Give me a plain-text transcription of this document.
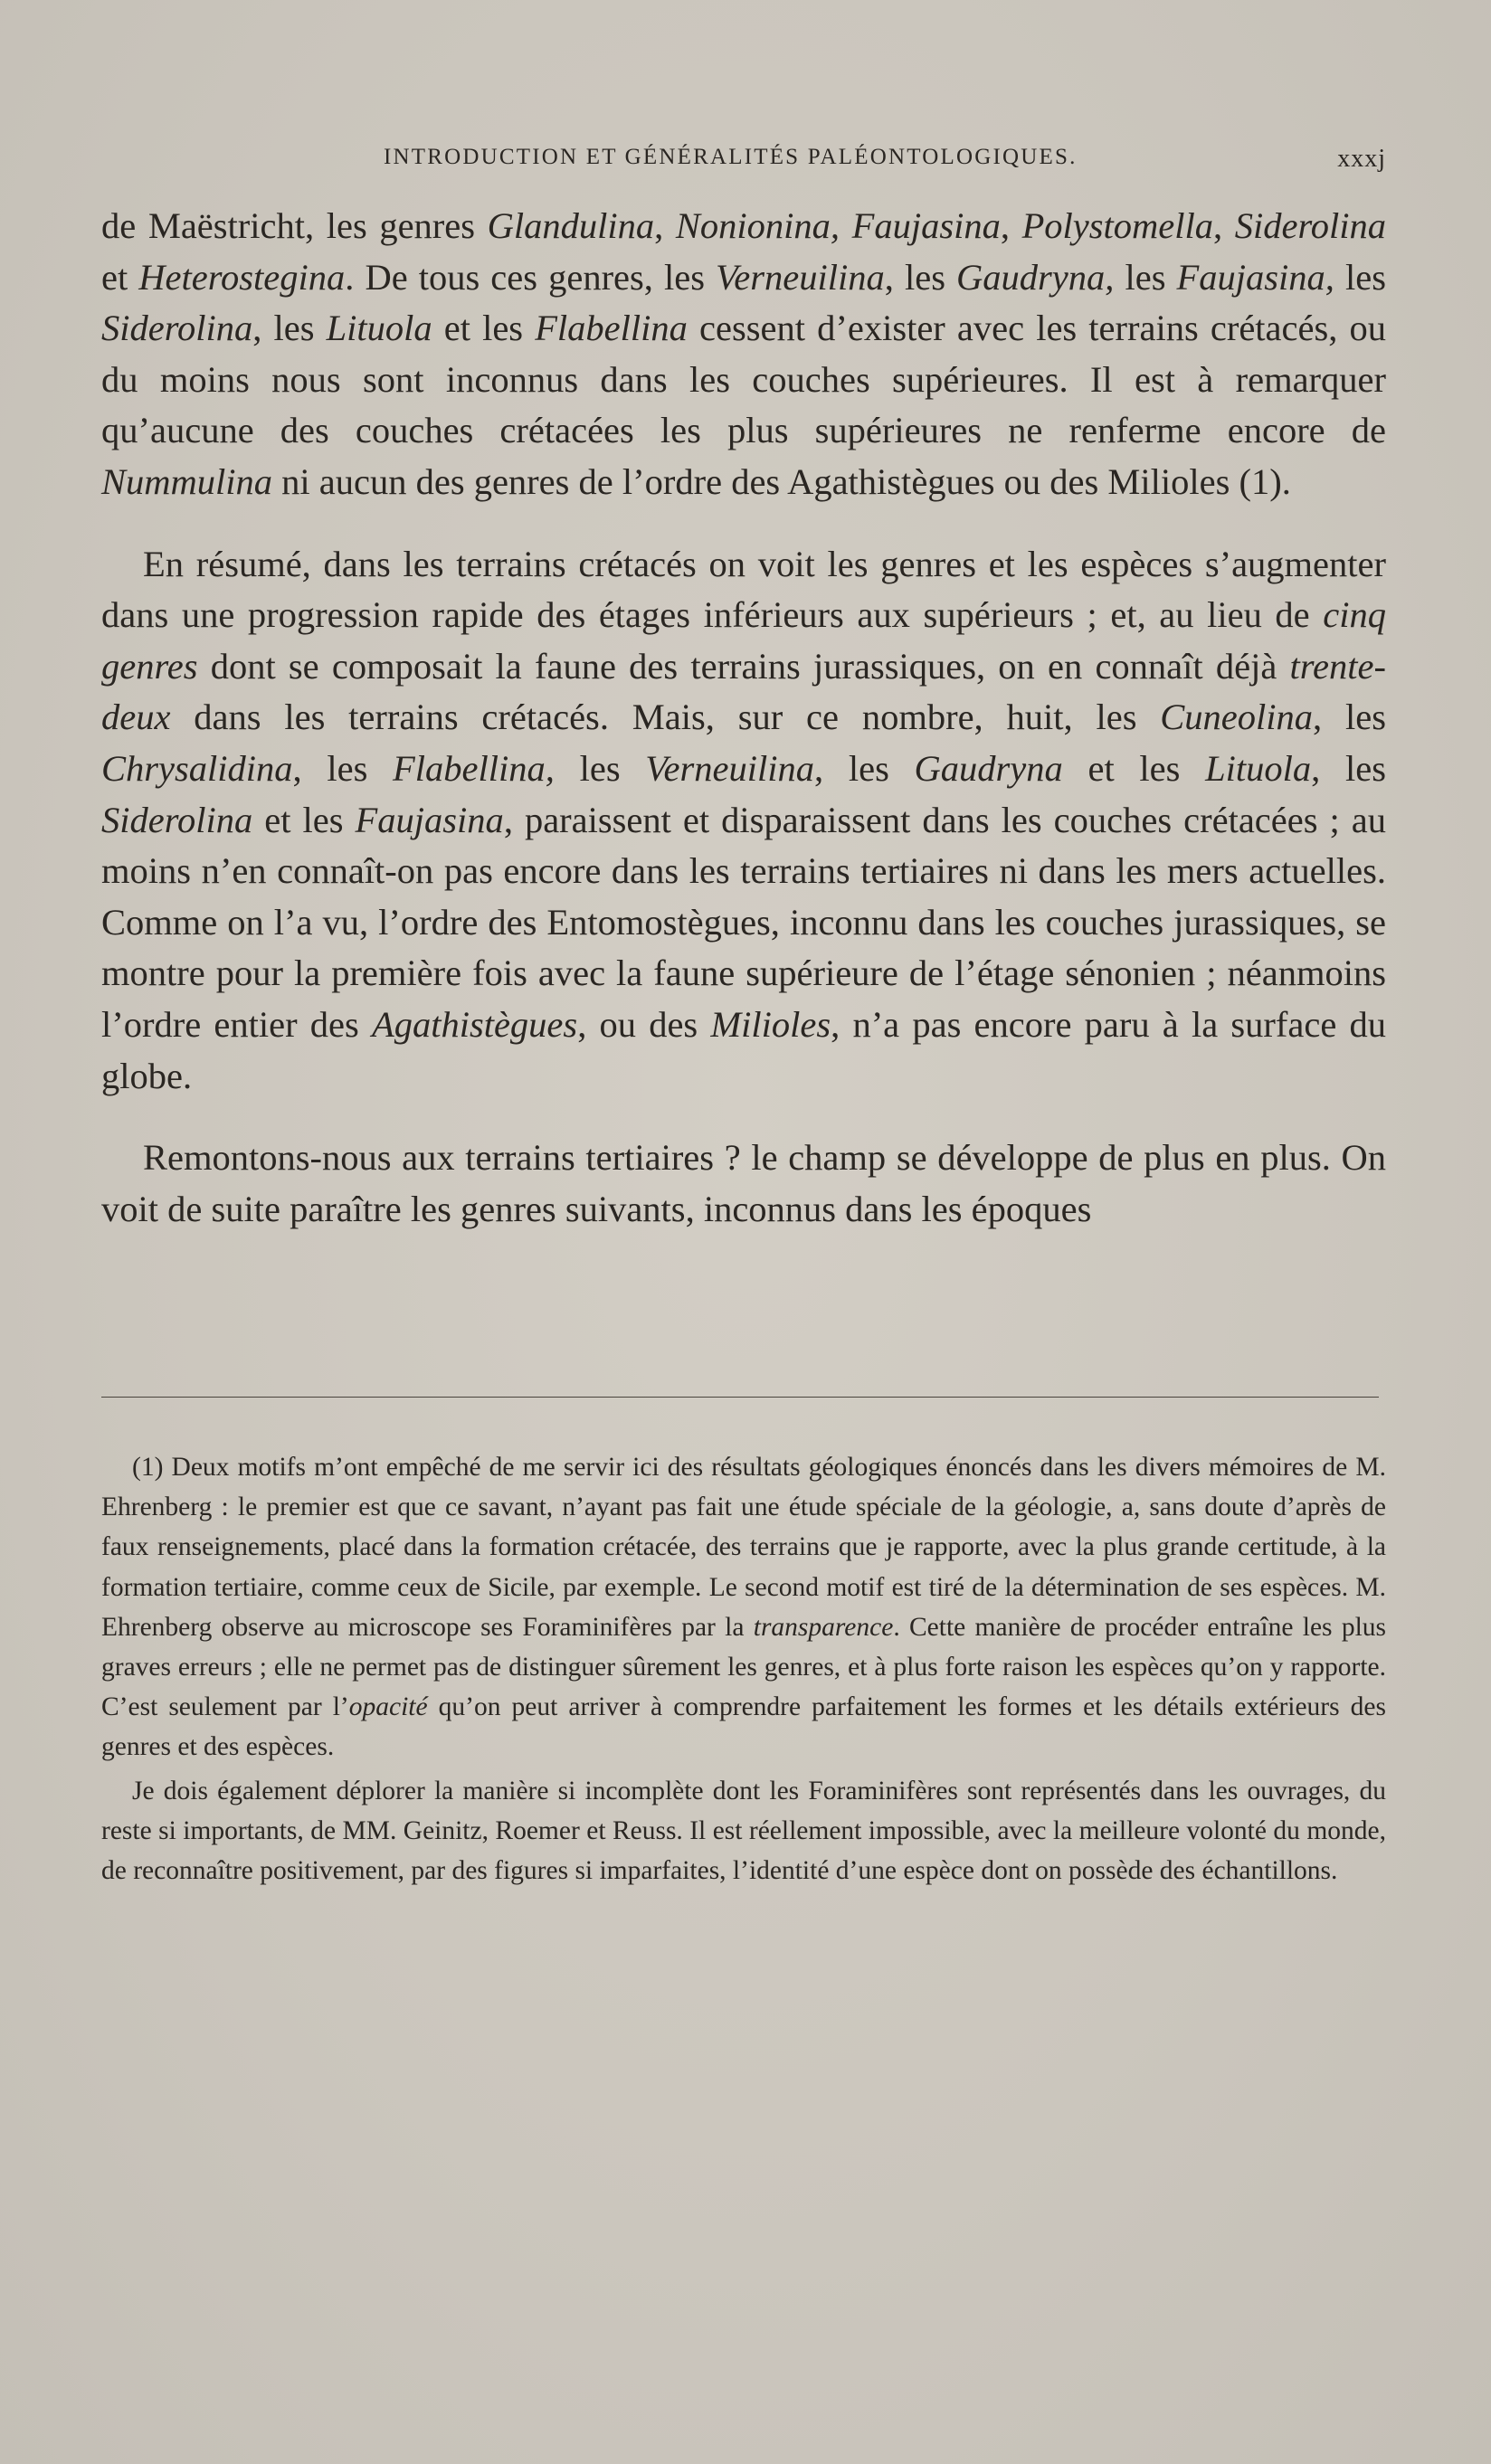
INTRODUCTION ET GÉNÉRALITÉS PALÉONTOLOGIQUES.	xxxj

de Maëstricht, les genres Glandulina, Nonionina, Faujasina, Polystomella, Siderolina et Heterostegina. De tous ces genres, les Verneuilina, les Gaudryna, les Faujasina, les Siderolina, les Lituola et les Flabellina cessent d’exister avec les terrains crétacés, ou du moins nous sont inconnus dans les couches supérieures. Il est à remarquer qu’aucune des couches crétacées les plus supérieures ne renferme encore de Nummulina ni aucun des genres de l’ordre des Agathistègues ou des Milioles (1).

En résumé, dans les terrains crétacés on voit les genres et les espèces s’augmenter dans une progression rapide des étages inférieurs aux supérieurs ; et, au lieu de cinq genres dont se composait la faune des terrains jurassiques, on en connaît déjà trente-deux dans les terrains crétacés. Mais, sur ce nombre, huit, les Cuneolina, les Chrysalidina, les Flabellina, les Verneuilina, les Gaudryna et les Lituola, les Siderolina et les Faujasina, paraissent et disparaissent dans les couches crétacées ; au moins n’en connaît-on pas encore dans les terrains tertiaires ni dans les mers actuelles. Comme on l’a vu, l’ordre des Entomostègues, inconnu dans les couches jurassiques, se montre pour la première fois avec la faune supérieure de l’étage sénonien ; néanmoins l’ordre entier des Agathistègues, ou des Milioles, n’a pas encore paru à la surface du globe.

Remontons-nous aux terrains tertiaires ? le champ se développe de plus en plus. On voit de suite paraître les genres suivants, inconnus dans les époques

(1) Deux motifs m’ont empêché de me servir ici des résultats géologiques énoncés dans les divers mémoires de M. Ehrenberg : le premier est que ce savant, n’ayant pas fait une étude spéciale de la géologie, a, sans doute d’après de faux renseignements, placé dans la formation crétacée, des terrains que je rapporte, avec la plus grande certitude, à la formation tertiaire, comme ceux de Sicile, par exemple. Le second motif est tiré de la détermination de ses espèces. M. Ehrenberg observe au microscope ses Foraminifères par la transparence. Cette manière de procéder entraîne les plus graves erreurs ; elle ne permet pas de distinguer sûrement les genres, et à plus forte raison les espèces qu’on y rapporte. C’est seulement par l’opacité qu’on peut arriver à comprendre parfaitement les formes et les détails extérieurs des genres et des espèces.

Je dois également déplorer la manière si incomplète dont les Foraminifères sont représentés dans les ouvrages, du reste si importants, de MM. Geinitz, Roemer et Reuss. Il est réellement impossible, avec la meilleure volonté du monde, de reconnaître positivement, par des figures si imparfaites, l’identité d’une espèce dont on possède des échantillons.
